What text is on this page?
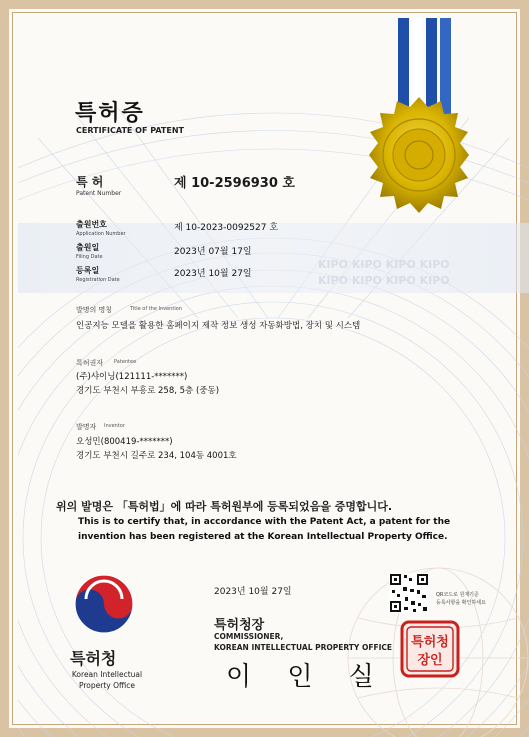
KIPO KIPO KIPO KIPO
KIPO KIPO KIPO KIPO
특허청
장인
특허증
CERTIFICATE OF PATENT
특 허
Patent Number
제 10-2596930 호
출원번호
Application Number
제 10-2023-0092527 호
출원일
Filing Date	2023년 07월 17일
등록일
Registration Date
2023년 10월 27일
발명의 명칭	Title of the Invention
인공지능 모델을 활용한 홈페이지 제작 정보 생성 자동화방법, 장치 및 시스템
특허권자 Patentee
(주)샤이닝(121111-*******)
경기도 부천시 부흥로 258, 5층 (중동)
발명자 Inventor
오성민(800419-*******)
경기도 부천시 길주로 234, 104동 4001호
위의 발명은 「특허법」에 따라 특허원부에 등록되었음을 증명합니다.
This is to certify that, in accordance with the Patent Act, a patent for the
invention has been registered at the Korean Intellectual Property Office.
2023년 10월 27일
특허청장
COMMISSIONER,
KOREAN INTELLECTUAL PROPERTY OFFICE
이 인 실
QR코드로 원재기준
등록사항을 확인하세요
특허청
Korean Intellectual
Property Office
